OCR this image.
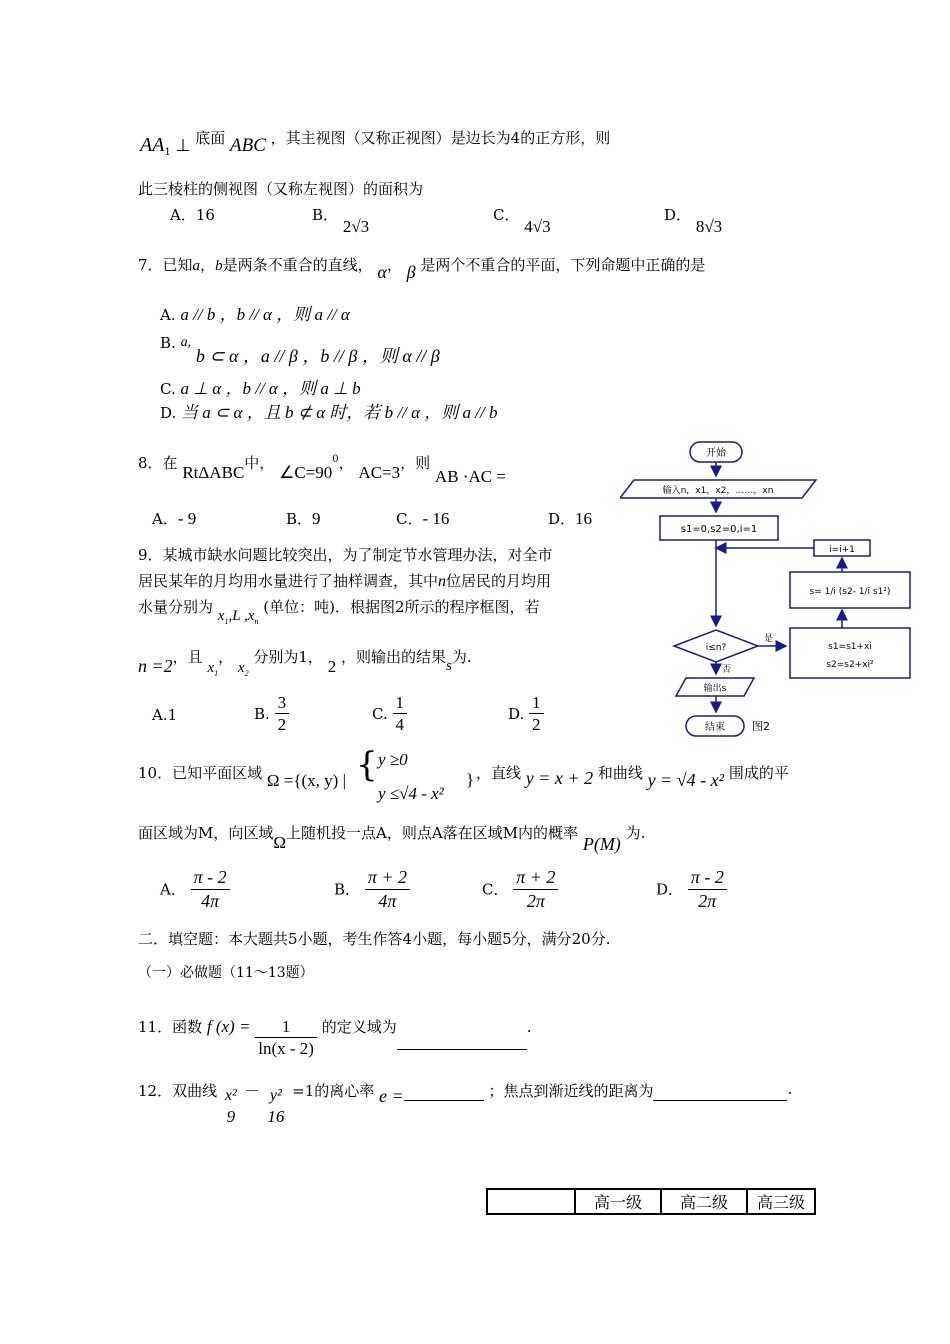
$AA_1$ ⊥ 底面 ABC ，其主视图（又称正视图）是边长为4的正方形，则
此三棱柱的侧视图（又称左视图）的面积为
A．16	B． 2√3
C． 4√3
D． 8√3
7．已知a，b是两条不重合的直线， α， β 是两个不重合的平面，下列命题中正确的是
A. a // b ，b // α ，则 a // α
B. a, b ⊂ α ，a // β ，b // β ，则 α // β
C. a ⊥ α ，b // α ，则 a ⊥ b
D. 当 a ⊂ α ，且 b ⊄ α 时，若 b // α ，则 a // b
8．在 RtΔABC中， $\angle C=90^0$， AC=3，则 AB ·AC =
A．- 9	B．9	C．- 16	D．16
9．某城市缺水问题比较突出，为了制定节水管理办法，对全市
居民某年的月均用水量进行了抽样调查，其中n位居民的月均用
水量分别为 $x_1,L$ $,x_n$ (单位：吨)．根据图2所示的程序框图，若
n =2，且 $x_1$， $x_2$ 分别为1， 2 ，则输出的结果s为.
A.1	B. $\frac{3}{2}$	C. $\frac{1}{4}$	D. $\frac{1}{2}$
开始
输入n，x1，x2，……，xn
s1=0,s2=0,i=1
i=i+1
s= 1/i (s2- 1/i s1²)
i≤n?
是
否
s1=s1+xi
s2=s2+xi²
输出s
结束 图2
10．已知平面区域 Ω ={(x, y) | { y ≥0
y ≤√4 - x²
} ，直线 y = x + 2 和曲线 y = √4 - x² 围成的平
面区域为M，向区域Ω上随机投一点A，则点A落在区域M内的概率 P(M) 为.
A． $\frac{\pi - 2}{4\pi}$	B． $\frac{\pi + 2}{4\pi}$	C． $\frac{\pi + 2}{2\pi}$	D． $\frac{\pi - 2}{2\pi}$
二．填空题：本大题共5小题，考生作答4小题，每小题5分，满分20分.
（一）必做题（11～13题）
11．函数 f $(x) = \frac{1}{\ln(x - 2)}$ 的定义域为	.
12．双曲线 x²
9
－ y²
16
=1的离心率 e =	；焦点到渐近线的距离为	.
	高一级	高二级	高三级
